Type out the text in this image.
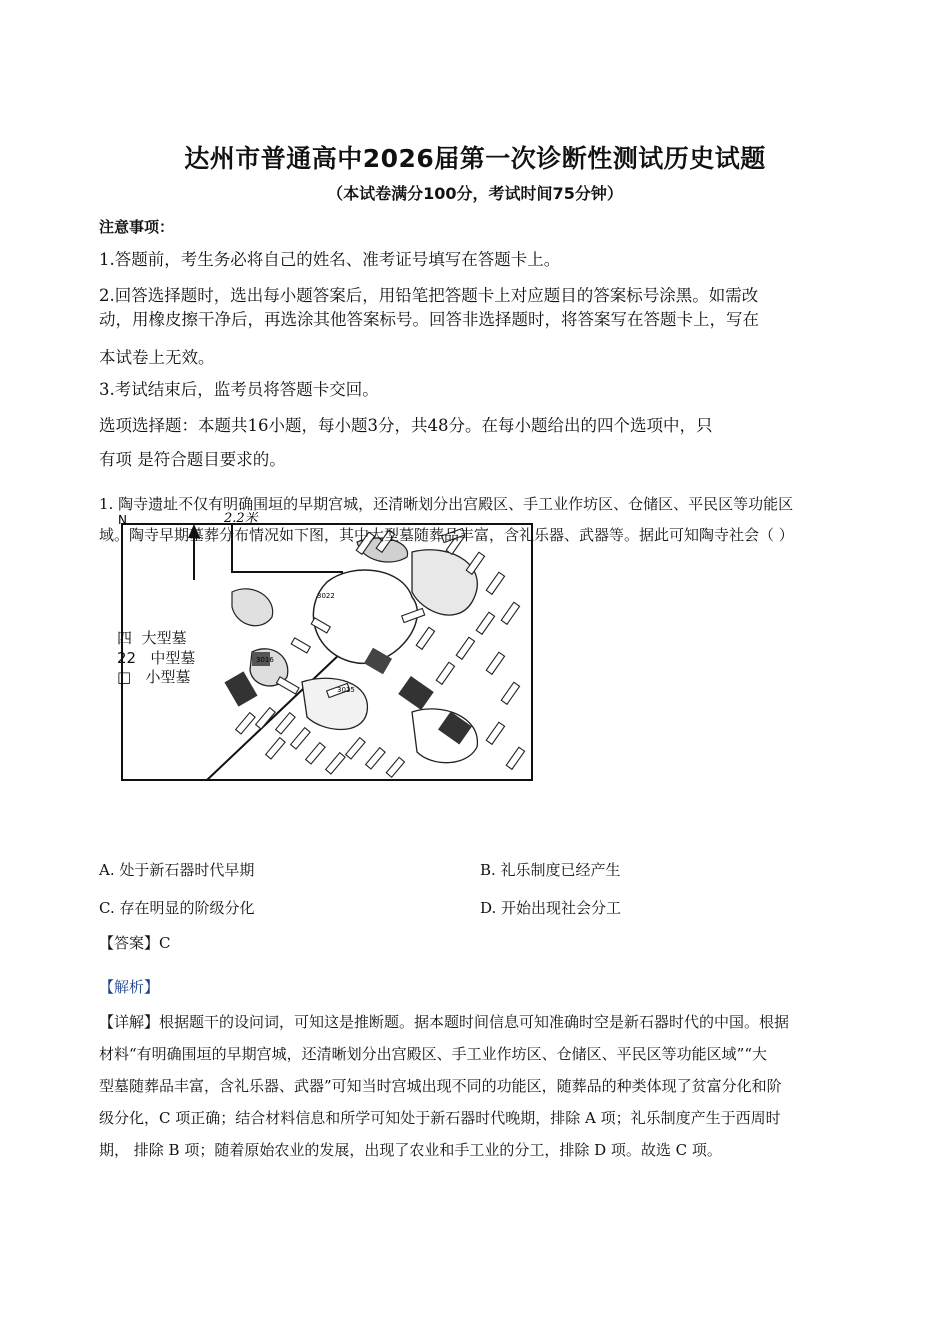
达州市普通高中2026届第一次诊断性测试历史试题
（本试卷满分100分，考试时间75分钟）
注意事项：
1.答题前，考生务必将自己的姓名、准考证号填写在答题卡上。
2.回答选择题时，选出每小题答案后，用铅笔把答题卡上对应题目的答案标号涂黑。如需改
动，用橡皮擦干净后，再选涂其他答案标号。回答非选择题时，将答案写在答题卡上，写在
本试卷上无效。
3.考试结束后，监考员将答题卡交回。
选项选择题：本题共16小题，每小题3分，共48分。在每小题给出的四个选项中，只
有项 是符合题目要求的。
1. 陶寺遗址不仅有明确围垣的早期宫城，还清晰划分出宫殿区、手工业作坊区、仓储区、平民区等功能区
N	2.2米
3022
3016
3015
四 大型墓
22 中型墓
□ 小型墓
域。陶寺早期墓葬分布情况如下图，其中大型墓随葬品丰富，含礼乐器、武器等。据此可知陶寺社会（ ）
A. 处于新石器时代早期	B. 礼乐制度已经产生
C. 存在明显的阶级分化	D. 开始出现社会分工
【答案】C
【解析】
【详解】根据题干的设问词，可知这是推断题。据本题时间信息可知准确时空是新石器时代的中国。根据
材料“有明确围垣的早期宫城，还清晰划分出宫殿区、手工业作坊区、仓储区、平民区等功能区域”“大
型墓随葬品丰富，含礼乐器、武器”可知当时宫城出现不同的功能区，随葬品的种类体现了贫富分化和阶
级分化，C 项正确；结合材料信息和所学可知处于新石器时代晚期，排除 A 项；礼乐制度产生于西周时
期， 排除 B 项；随着原始农业的发展，出现了农业和手工业的分工，排除 D 项。故选 C 项。
